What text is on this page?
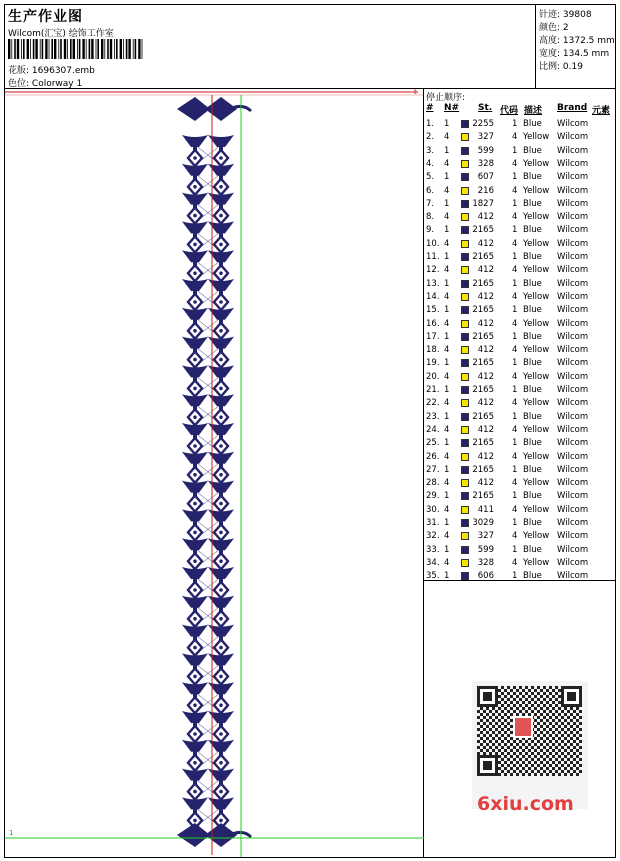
生产作业图
Wilcom(汇宝) 绘饰工作室
花版: 1696307.emb
色位: Colorway 1
针迹: 39808
颜色: 2
高度: 1372.5 mm
宽度: 134.5 mm
比例: 0.19
t
1
停止顺序:
# N# St. 代码 描述 Brand 元素
1. 1	2255 1 Blue Wilcom
2. 4	327 4 Yellow Wilcom
3. 1	599 1 Blue Wilcom
4. 4	328 4 Yellow Wilcom
5. 1	607 1 Blue Wilcom
6. 4	216 4 Yellow Wilcom
7. 1	1827 1 Blue Wilcom
8. 4	412 4 Yellow Wilcom
9. 1	2165 1 Blue Wilcom
10. 4	412 4 Yellow Wilcom
11. 1	2165 1 Blue Wilcom
12. 4	412 4 Yellow Wilcom
13. 1	2165 1 Blue Wilcom
14. 4	412 4 Yellow Wilcom
15. 1	2165 1 Blue Wilcom
16. 4	412 4 Yellow Wilcom
17. 1	2165 1 Blue Wilcom
18. 4	412 4 Yellow Wilcom
19. 1	2165 1 Blue Wilcom
20. 4	412 4 Yellow Wilcom
21. 1	2165 1 Blue Wilcom
22. 4	412 4 Yellow Wilcom
23. 1	2165 1 Blue Wilcom
24. 4	412 4 Yellow Wilcom
25. 1	2165 1 Blue Wilcom
26. 4	412 4 Yellow Wilcom
27. 1	2165 1 Blue Wilcom
28. 4	412 4 Yellow Wilcom
29. 1	2165 1 Blue Wilcom
30. 4	411 4 Yellow Wilcom
31. 1	3029 1 Blue Wilcom
32. 4	327 4 Yellow Wilcom
33. 1	599 1 Blue Wilcom
34. 4	328 4 Yellow Wilcom
35. 1	606 1 Blue Wilcom
6xiu.com
